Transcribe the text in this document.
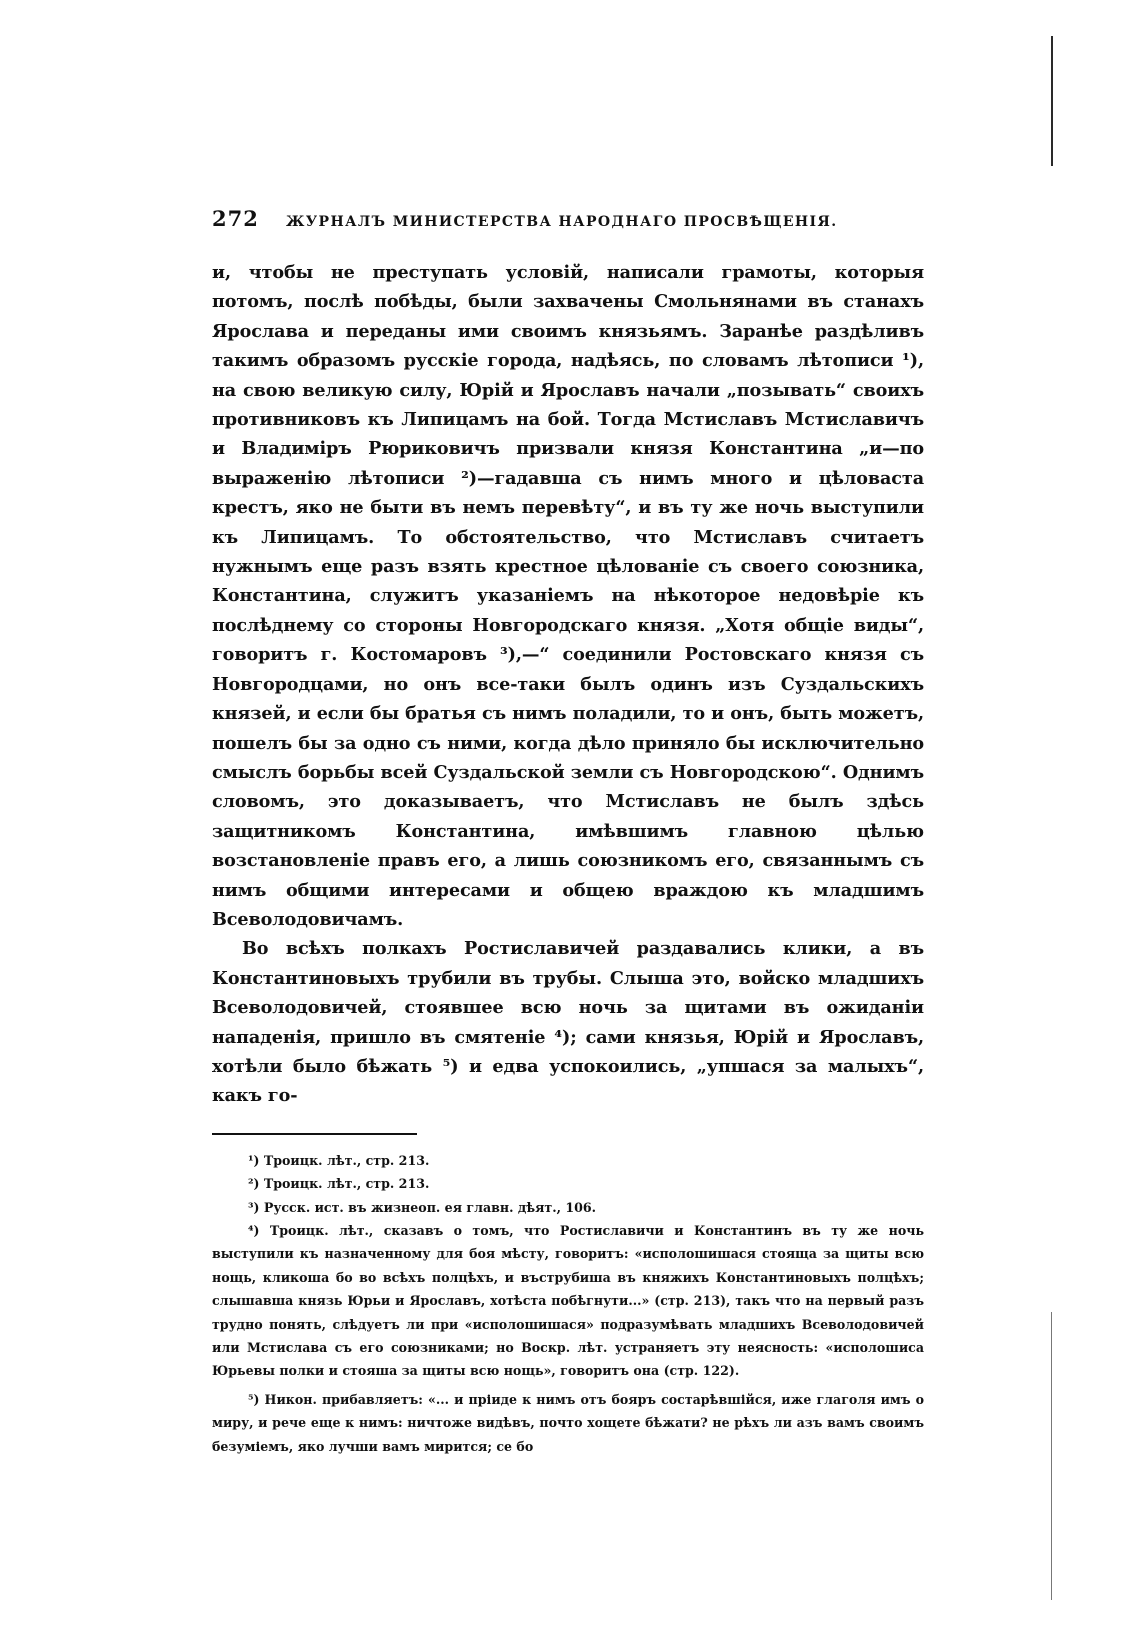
272	ЖУРНАЛЪ МИНИСТЕРСТВА НАРОДНАГО ПРОСВѢЩЕНІЯ.

и, чтобы не преступать условій, написали грамоты, которыя потомъ, послѣ побѣды, были захвачены Смольнянами въ станахъ Ярослава и переданы ими своимъ князьямъ. Заранѣе раздѣливъ такимъ образомъ русскіе города, надѣясь, по словамъ лѣтописи ¹), на свою великую силу, Юрій и Ярославъ начали „позывать“ своихъ противниковъ къ Липицамъ на бой. Тогда Мстиславъ Мстиславичъ и Владиміръ Рюриковичъ призвали князя Константина „и—по выраженію лѣтописи ²)—гадавша съ нимъ много и цѣловаста крестъ, яко не быти въ немъ перевѣту“, и въ ту же ночь выступили къ Липицамъ. То обстоятельство, что Мстиславъ считаетъ нужнымъ еще разъ взять крестное цѣлованіе съ своего союзника, Константина, служитъ указаніемъ на нѣкоторое недовѣріе къ послѣднему со стороны Новгородскаго князя. „Хотя общіе виды“, говоритъ г. Костомаровъ ³),—“ соединили Ростовскаго князя съ Новгородцами, но онъ все-таки былъ одинъ изъ Суздальскихъ князей, и если бы братья съ нимъ поладили, то и онъ, быть можетъ, пошелъ бы за одно съ ними, когда дѣло приняло бы исключительно смыслъ борьбы всей Суздальской земли съ Новгородскою“. Однимъ словомъ, это доказываетъ, что Мстиславъ не былъ здѣсь защитникомъ Константина, имѣвшимъ главною цѣлью возстановленіе правъ его, а лишь союзникомъ его, связаннымъ съ нимъ общими интересами и общею враждою къ младшимъ Всеволодовичамъ.

Во всѣхъ полкахъ Ростиславичей раздавались клики, а въ Константиновыхъ трубили въ трубы. Слыша это, войско младшихъ Всеволодовичей, стоявшее всю ночь за щитами въ ожиданіи нападенія, пришло въ смятеніе ⁴); сами князья, Юрій и Ярославъ, хотѣли было бѣжать ⁵) и едва успокоились, „упшася за малыхъ“, какъ го-

¹) Троицк. лѣт., стр. 213.

²) Троицк. лѣт., стр. 213.

³) Русск. ист. въ жизнеоп. ея главн. дѣят., 106.

⁴) Троицк. лѣт., сказавъ о томъ, что Ростиславичи и Константинъ въ ту же ночь выступили къ назначенному для боя мѣсту, говоритъ: «исполошишася стояща за щиты всю нощь, кликоша бо во всѣхъ полцѣхъ, и въструбиша въ княжихъ Константиновыхъ полцѣхъ; слышавша князь Юрьи и Ярославъ, хотѣста побѣгнути...» (стр. 213), такъ что на первый разъ трудно понять, слѣдуетъ ли при «исполошишася» подразумѣвать младшихъ Всеволодовичей или Мстислава съ его союзниками; но Воскр. лѣт. устраняетъ эту неясность: «исполошиса Юрьевы полки и стояша за щиты всю нощь», говоритъ она (стр. 122).

⁵) Никон. прибавляетъ: «... и пріиде к нимъ отъ бояръ состарѣвшійся, иже глаголя имъ о миру, и рече еще к нимъ: ничтоже видѣвъ, почто хощете бѣжати? не рѣхъ ли азъ вамъ своимъ безуміемъ, яко лучши вамъ мирится; се бо
